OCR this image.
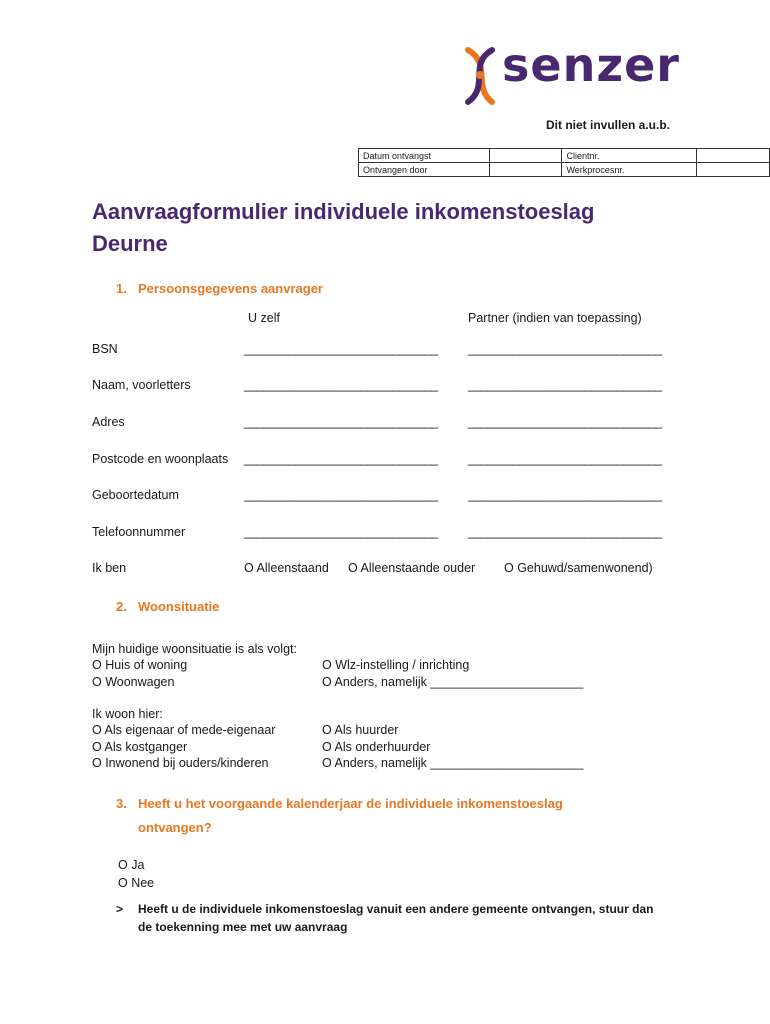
senzer
Dit niet invullen a.u.b.
Datum ontvangst		Clientnr.	
Ontvangen door		Werkprocesnr.	
Aanvraagformulier individuele inkomenstoeslag
Deurne
1. Persoonsgegevens aanvrager
U zelf	Partner (indien van toepassing)
BSN	______________________________ ______________________________
Naam, voorletters	______________________________ ______________________________
Adres	______________________________ ______________________________
Postcode en woonplaats ______________________________ ______________________________
Geboortedatum	______________________________ ______________________________
Telefoonnummer	______________________________ ______________________________
Ik ben	O Alleenstaand O Alleenstaande ouder O Gehuwd/samenwonend)
2. Woonsituatie
Mijn huidige woonsituatie is als volgt:
O Huis of woning
O Woonwagen
O Wlz-instelling / inrichting
O Anders, namelijk ______________________
Ik woon hier:
O Als eigenaar of mede-eigenaar
O Als kostganger
O Inwonend bij ouders/kinderen
O Als huurder
O Als onderhuurder
O Anders, namelijk ______________________
3. Heeft u het voorgaande kalenderjaar de individuele inkomenstoeslag
ontvangen?
O Ja
O Nee
> Heeft u de individuele inkomenstoeslag vanuit een andere gemeente ontvangen, stuur dan
de toekenning mee met uw aanvraag
